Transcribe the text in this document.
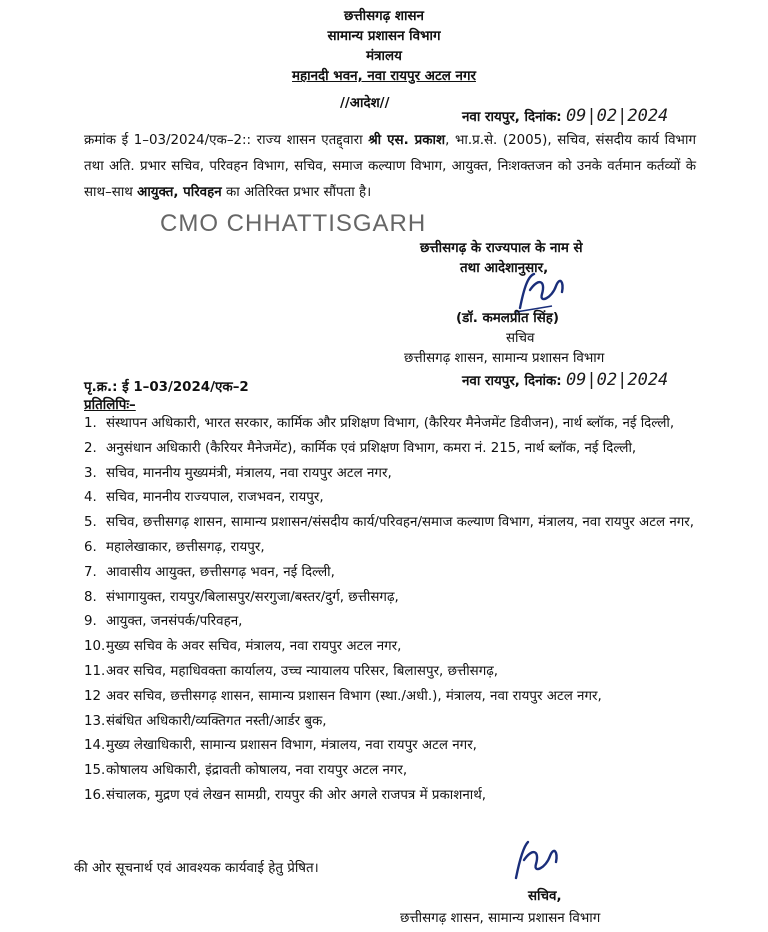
छत्तीसगढ़ शासन
सामान्य प्रशासन विभाग
मंत्रालय
महानदी भवन, नवा रायपुर अटल नगर
//आदेश//
नवा रायपुर, दिनांक: 09|02|2024
क्रमांक ई 1–03/2024/एक–2:: राज्य शासन एतद्द्वारा श्री एस. प्रकाश, भा.प्र.से. (2005), सचिव, संसदीय कार्य विभाग तथा अति. प्रभार सचिव, परिवहन विभाग, सचिव, समाज कल्याण विभाग, आयुक्त, निःशक्तजन को उनके वर्तमान कर्तव्यों के साथ–साथ आयुक्त, परिवहन का अतिरिक्त प्रभार सौंपता है।
CMO CHHATTISGARH
छत्तीसगढ़ के राज्यपाल के नाम से
तथा आदेशानुसार,
(डॉ. कमलप्रीत सिंह)
सचिव
छत्तीसगढ़ शासन, सामान्य प्रशासन विभाग
पृ.क्र.: ई 1–03/2024/एक–2	नवा रायपुर, दिनांक: 09|02|2024
प्रतिलिपिः–
1. संस्थापन अधिकारी, भारत सरकार, कार्मिक और प्रशिक्षण विभाग, (कैरियर मैनेजमेंट डिवीजन), नार्थ ब्लॉक, नई दिल्ली,
2. अनुसंधान अधिकारी (कैरियर मैनेजमेंट), कार्मिक एवं प्रशिक्षण विभाग, कमरा नं. 215, नार्थ ब्लॉक, नई दिल्ली,
3. सचिव, माननीय मुख्यमंत्री, मंत्रालय, नवा रायपुर अटल नगर,
4. सचिव, माननीय राज्यपाल, राजभवन, रायपुर,
5. सचिव, छत्तीसगढ़ शासन, सामान्य प्रशासन/संसदीय कार्य/परिवहन/समाज कल्याण विभाग, मंत्रालय, नवा रायपुर अटल नगर,
6. महालेखाकार, छत्तीसगढ़, रायपुर,
7. आवासीय आयुक्त, छत्तीसगढ़ भवन, नई दिल्ली,
8. संभागायुक्त, रायपुर/बिलासपुर/सरगुजा/बस्तर/दुर्ग, छत्तीसगढ़,
9. आयुक्त, जनसंपर्क/परिवहन,
10. मुख्य सचिव के अवर सचिव, मंत्रालय, नवा रायपुर अटल नगर,
11. अवर सचिव, महाधिवक्ता कार्यालय, उच्च न्यायालय परिसर, बिलासपुर, छत्तीसगढ़,
12 अवर सचिव, छत्तीसगढ़ शासन, सामान्य प्रशासन विभाग (स्था./अधी.), मंत्रालय, नवा रायपुर अटल नगर,
13. संबंधित अधिकारी/व्यक्तिगत नस्ती/आर्डर बुक,
14. मुख्य लेखाधिकारी, सामान्य प्रशासन विभाग, मंत्रालय, नवा रायपुर अटल नगर,
15. कोषालय अधिकारी, इंद्रावती कोषालय, नवा रायपुर अटल नगर,
16. संचालक, मुद्रण एवं लेखन सामग्री, रायपुर की ओर अगले राजपत्र में प्रकाशनार्थ,
की ओर सूचनार्थ एवं आवश्यक कार्यवाई हेतु प्रेषित।
सचिव,
छत्तीसगढ़ शासन, सामान्य प्रशासन विभाग
